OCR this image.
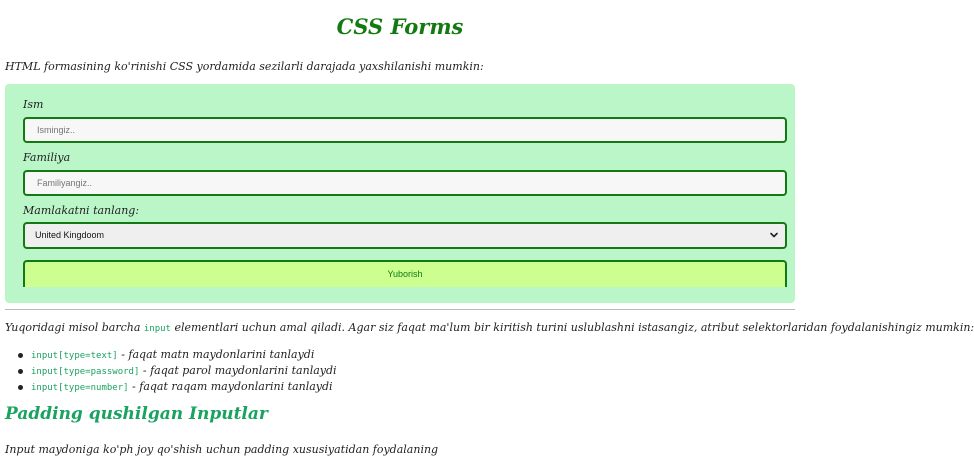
CSS Forms
HTML formasining ko'rinishi CSS yordamida sezilarli darajada yaxshilanishi mumkin:
Ism
Ismingiz..
Familiya
Familiyangiz..
Mamlakatni tanlang:
United Kingdoom
Yuborish
Yuqoridagi misol barcha input elementlari uchun amal qiladi. Agar siz faqat ma'lum bir kiritish turini uslublashni istasangiz, atribut selektorlaridan foydalanishingiz mumkin:
input[type=text] - faqat matn maydonlarini tanlaydi
input[type=password] - faqat parol maydonlarini tanlaydi
input[type=number] - faqat raqam maydonlarini tanlaydi
Padding qushilgan Inputlar
Input maydoniga ko'ph joy qo'shish uchun padding xususiyatidan foydalaning
